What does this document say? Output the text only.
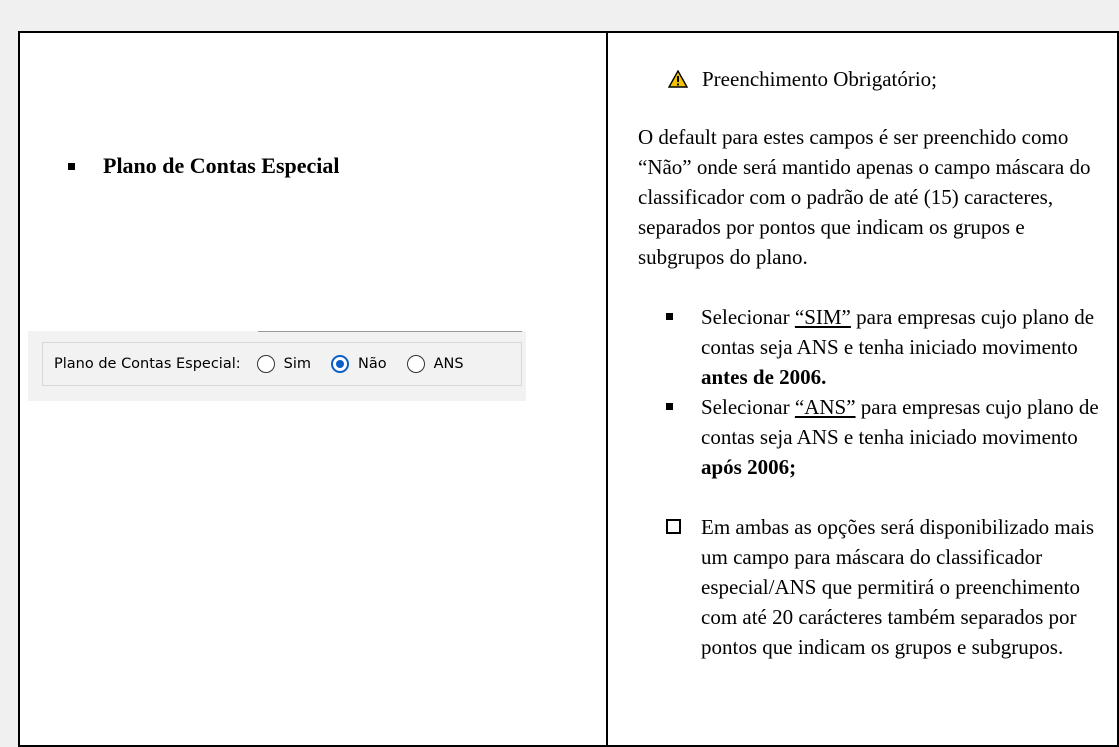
Plano de Contas Especial
Plano de Contas Especial:	Sim	Não	ANS
Preenchimento Obrigatório;
O default para estes campos é ser preenchido como “Não” onde será mantido apenas o campo máscara do classificador com o padrão de até (15) caracteres, separados por pontos que indicam os grupos e subgrupos do plano.
Selecionar “SIM” para empresas cujo plano de contas seja ANS e tenha iniciado movimento antes de 2006.
Selecionar “ANS” para empresas cujo plano de contas seja ANS e tenha iniciado movimento após 2006;
Em ambas as opções será disponibilizado mais um campo para máscara do classificador especial/ANS que permitirá o preenchimento com até 20 carácteres também separados por pontos que indicam os grupos e subgrupos.
